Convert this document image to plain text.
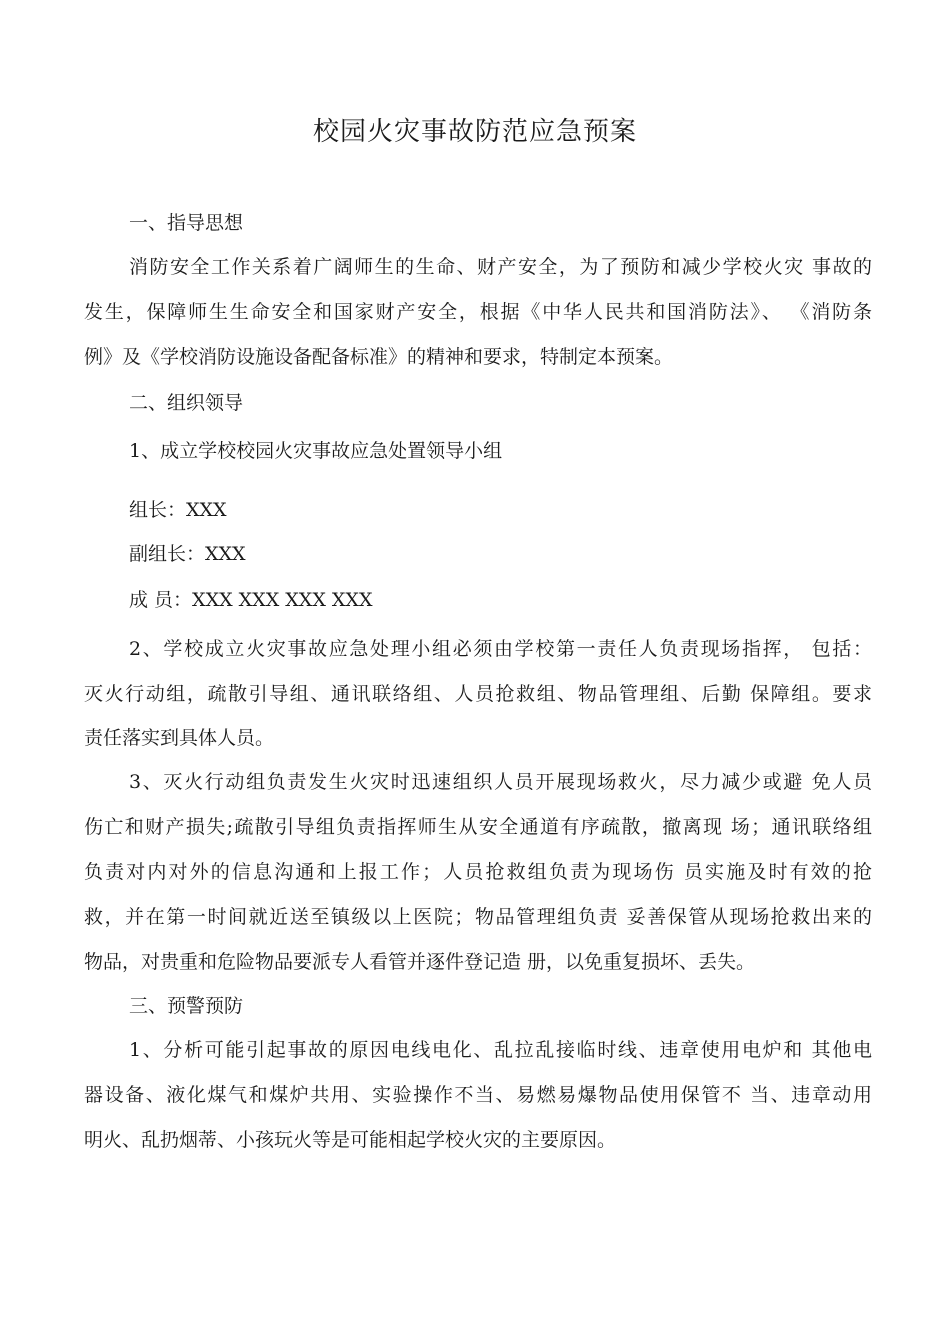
校园火灾事故防范应急预案

一、指导思想

消防安全工作关系着广阔师生的生命、财产安全，为了预防和减少学校火灾 事故的

发生，保障师生生命安全和国家财产安全，根据《中华人民共和国消防法》、 《消防条

例》及《学校消防设施设备配备标准》的精神和要求，特制定本预案。

二、组织领导

1、成立学校校园火灾事故应急处置领导小组

组长：XXX

副组长：XXX

成 员：XXX XXX XXX XXX

2、学校成立火灾事故应急处理小组必须由学校第一责任人负责现场指挥， 包括：

灭火行动组，疏散引导组、通讯联络组、人员抢救组、物品管理组、后勤 保障组。要求

责任落实到具体人员。

3、灭火行动组负责发生火灾时迅速组织人员开展现场救火，尽力减少或避 免人员

伤亡和财产损失;疏散引导组负责指挥师生从安全通道有序疏散，撤离现 场；通讯联络组

负责对内对外的信息沟通和上报工作；人员抢救组负责为现场伤 员实施及时有效的抢

救，并在第一时间就近送至镇级以上医院；物品管理组负责 妥善保管从现场抢救出来的

物品，对贵重和危险物品要派专人看管并逐件登记造 册，以免重复损坏、丢失。

三、预警预防

1、分析可能引起事故的原因电线电化、乱拉乱接临时线、违章使用电炉和 其他电

器设备、液化煤气和煤炉共用、实验操作不当、易燃易爆物品使用保管不 当、违章动用

明火、乱扔烟蒂、小孩玩火等是可能相起学校火灾的主要原因。
